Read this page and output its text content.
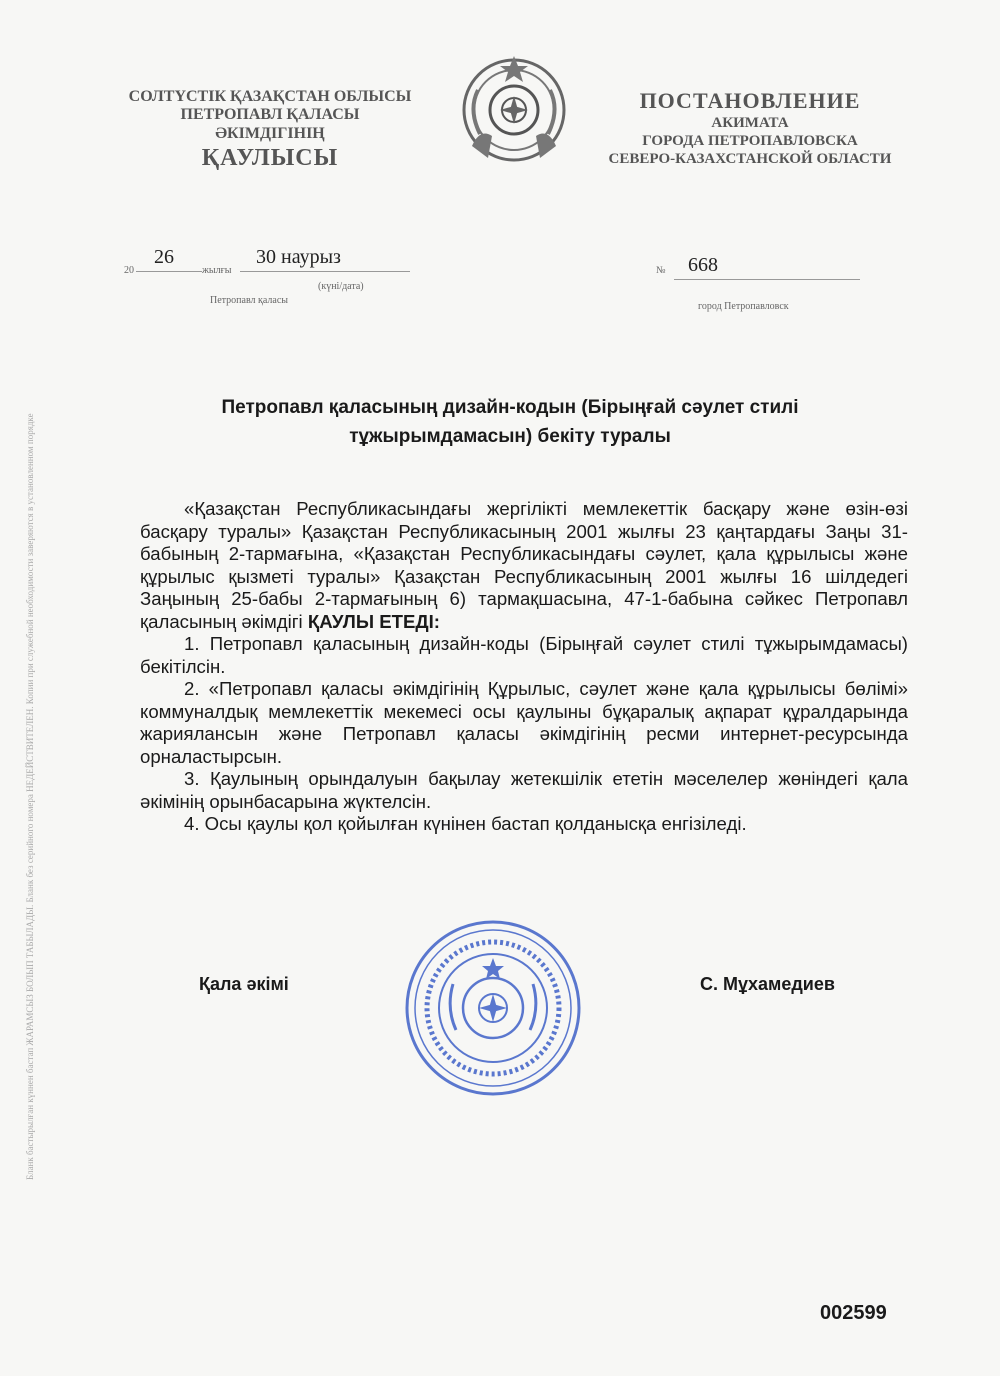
Бланк бастырылған күннен бастап ЖАРАМСЫЗ БОЛЫП ТАБЫЛАДЫ. Бланк без серийного номера НЕДЕЙСТВИТЕЛЕН. Копии при служебной необходимости заверяются в установленном порядке
СОЛТҮСТІК ҚАЗАҚСТАН ОБЛЫСЫ
ПЕТРОПАВЛ ҚАЛАСЫ
ӘКІМДІГІНІҢ
ҚАУЛЫСЫ
ПОСТАНОВЛЕНИЕ
АКИМАТА
ГОРОДА ПЕТРОПАВЛОВСКА
СЕВЕРО-КАЗАХСТАНСКОЙ ОБЛАСТИ
20
26
жылғы
30 наурыз
(күні/дата)
Петропавл қаласы
№ 668
город Петропавловск
Петропавл қаласының дизайн-кодын (Бірыңғай сәулет стилі
тұжырымдамасын) бекіту туралы

«Қазақстан Республикасындағы жергілікті мемлекеттік басқару және өзін-өзі басқару туралы» Қазақстан Республикасының 2001 жылғы 23 қаңтардағы Заңы 31-бабының 2-тармағына, «Қазақстан Республикасындағы сәулет, қала құрылысы және құрылыс қызметі туралы» Қазақстан Республикасының 2001 жылғы 16 шілдедегі Заңының 25-бабы 2-тармағының 6) тармақшасына, 47-1-бабына сәйкес Петропавл қаласының әкімдігі ҚАУЛЫ ЕТЕДІ:

1. Петропавл қаласының дизайн-коды (Бірыңғай сәулет стилі тұжырымдамасы) бекітілсін.

2. «Петропавл қаласы әкімдігінің Құрылыс, сәулет және қала құрылысы бөлімі» коммуналдық мемлекеттік мекемесі осы қаулыны бұқаралық ақпарат құралдарында жариялансын және Петропавл қаласы әкімдігінің ресми интернет-ресурсында орналастырсын.

3. Қаулының орындалуын бақылау жетекшілік ететін мәселелер жөніндегі қала әкімінің орынбасарына жүктелсін.

4. Осы қаулы қол қойылған күнінен бастап қолданысқа енгізіледі.

Қала әкімі	С. Мұхамедиев
002599
